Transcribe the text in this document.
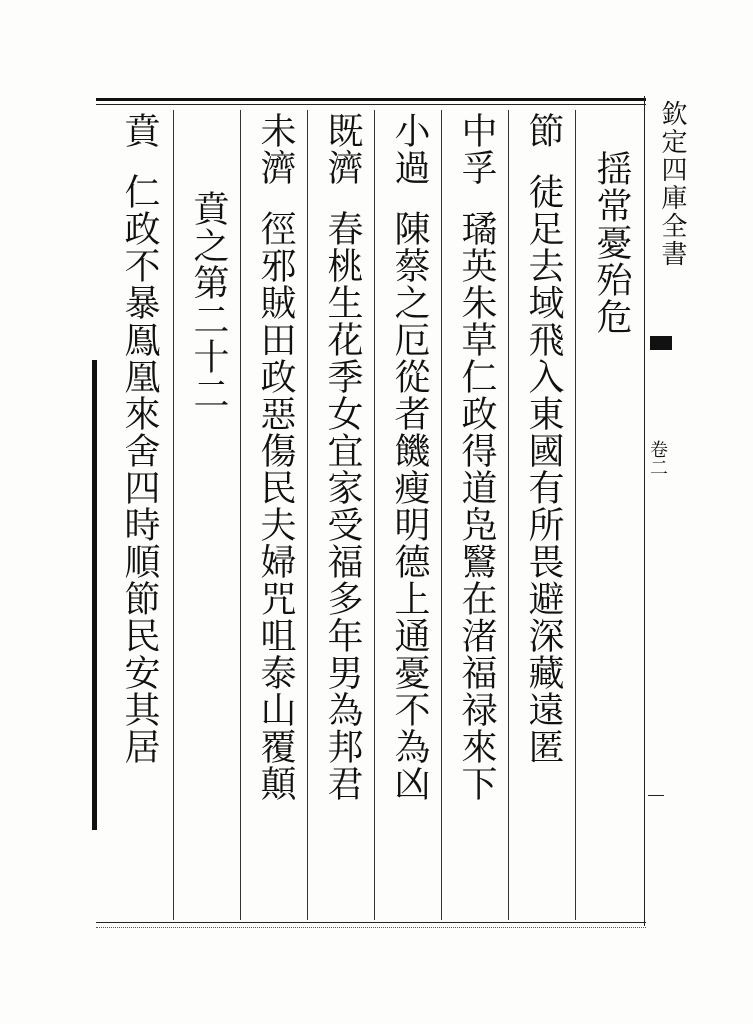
欽定四庫全書
卷二
揺常憂殆危
節徒足去域飛入東國有所畏避深藏遠匿
中孚璚英朱草仁政得道凫鷖在渚福禄來下
小過陳蔡之厄從者饑瘦明德上通憂不為凶
既濟春桃生花季女宜家受福多年男為邦君
未濟徑邪賊田政惡傷民夫婦咒咀泰山覆顛
賁之第二十二
賁仁政不暴鳯凰來舍四時順節民安其居
